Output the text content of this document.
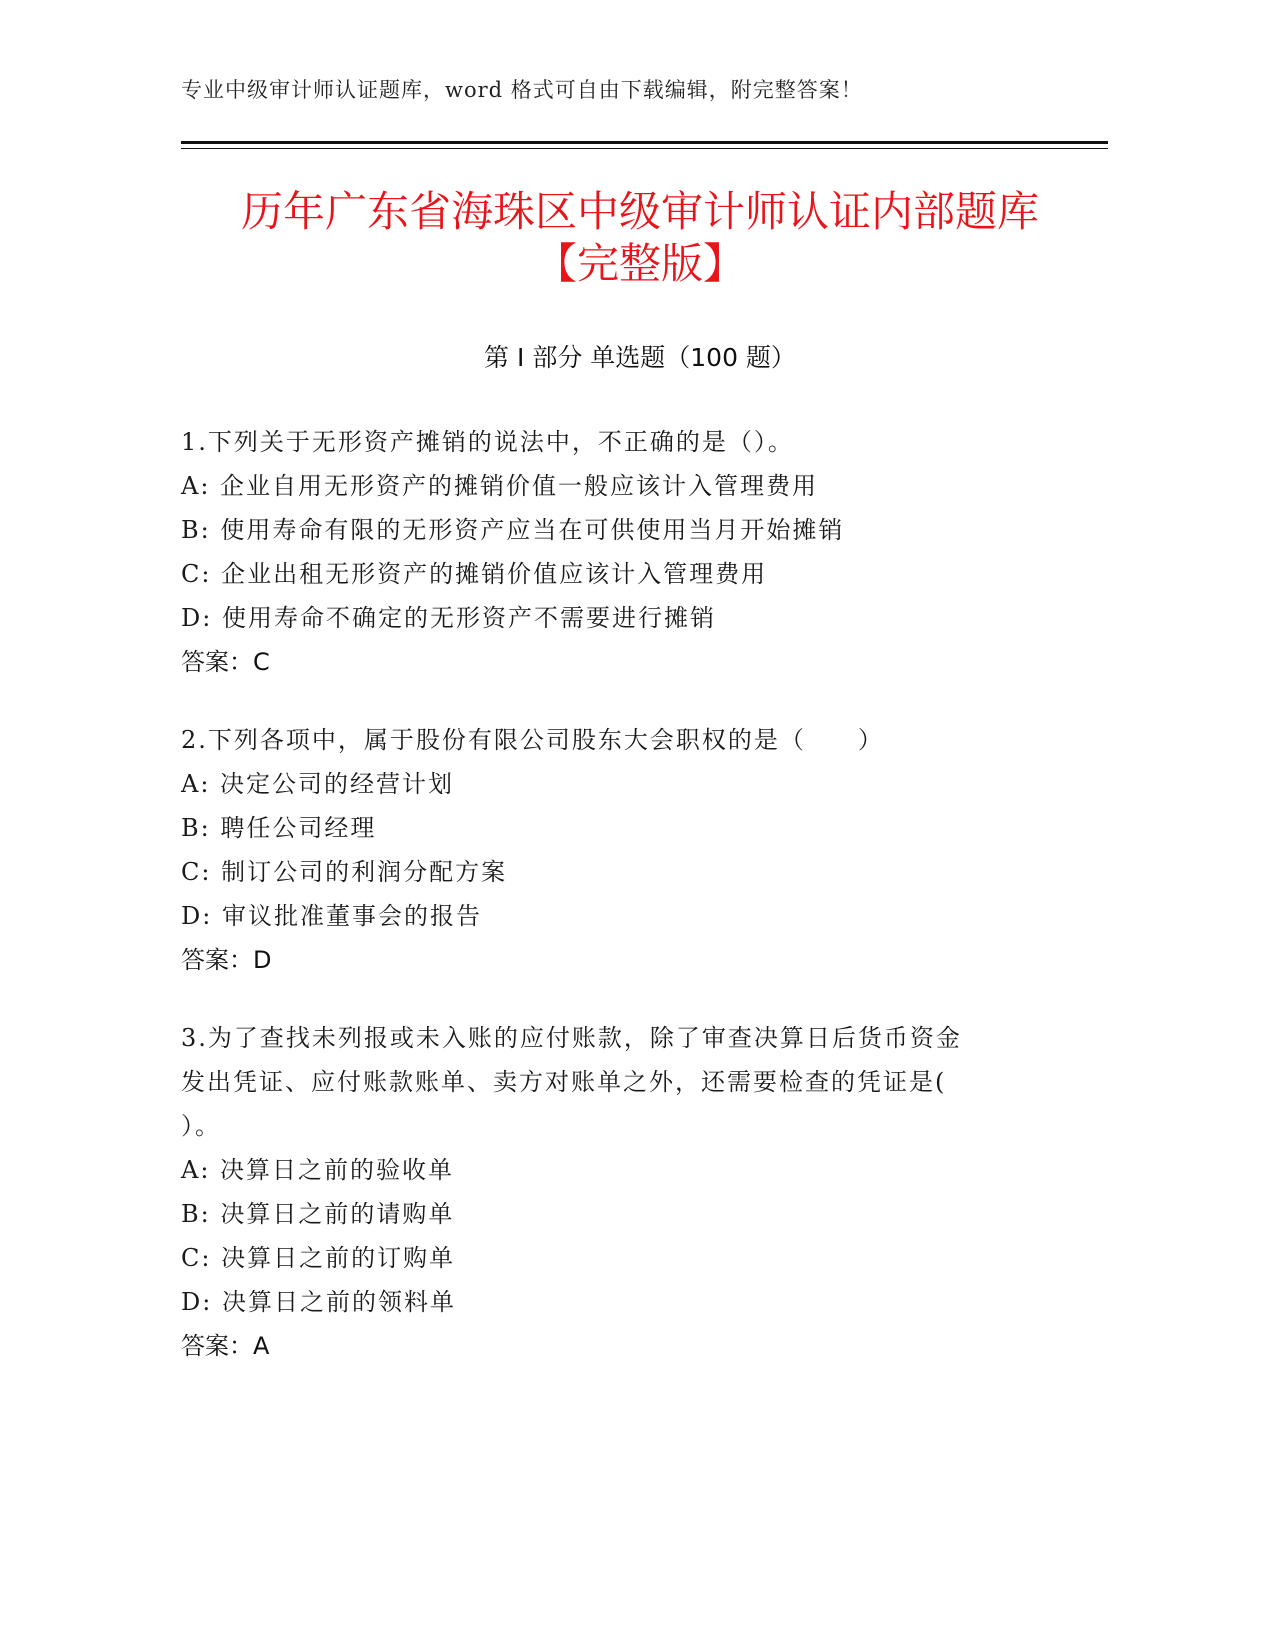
专业中级审计师认证题库，word 格式可自由下载编辑，附完整答案！
历年广东省海珠区中级审计师认证内部题库
【完整版】
第 I 部分 单选题（100 题）
1.下列关于无形资产摊销的说法中，不正确的是（）。
A: 企业自用无形资产的摊销价值一般应该计入管理费用
B: 使用寿命有限的无形资产应当在可供使用当月开始摊销
C: 企业出租无形资产的摊销价值应该计入管理费用
D: 使用寿命不确定的无形资产不需要进行摊销
答案：C
2.下列各项中，属于股份有限公司股东大会职权的是（　　）
A: 决定公司的经营计划
B: 聘任公司经理
C: 制订公司的利润分配方案
D: 审议批准董事会的报告
答案：D
3.为了查找未列报或未入账的应付账款，除了审查决算日后货币资金
发出凭证、应付账款账单、卖方对账单之外，还需要检查的凭证是(
）。
A: 决算日之前的验收单
B: 决算日之前的请购单
C: 决算日之前的订购单
D: 决算日之前的领料单
答案：A
